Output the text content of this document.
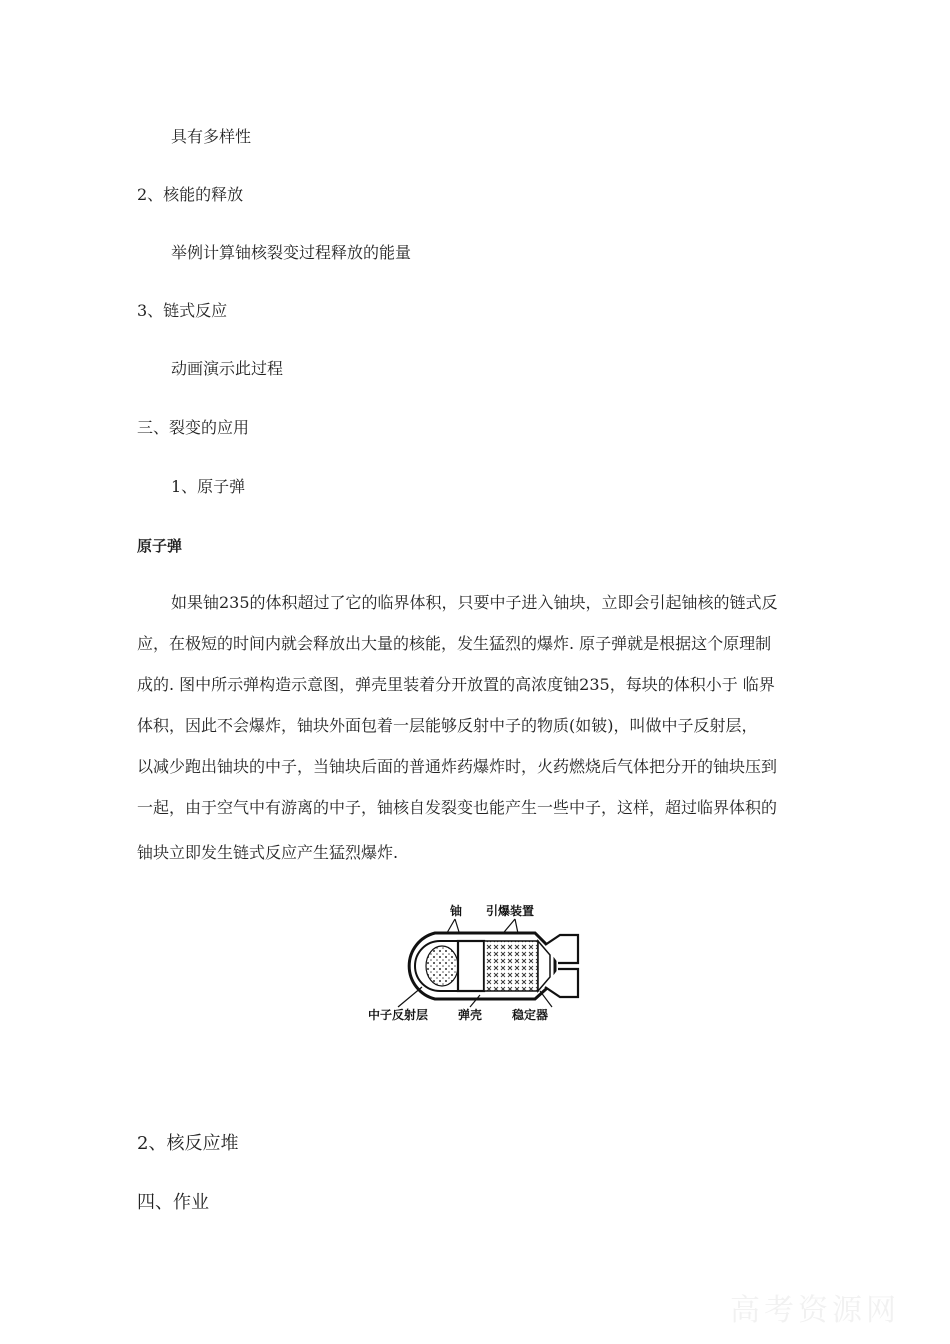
具有多样性
2、核能的释放
举例计算铀核裂变过程释放的能量
3、链式反应
动画演示此过程
三、裂变的应用
1、原子弹
原子弹
如果铀235的体积超过了它的临界体积，只要中子进入铀块，立即会引起铀核的链式反
应，在极短的时间内就会释放出大量的核能，发生猛烈的爆炸. 原子弹就是根据这个原理制
成的. 图中所示弹构造示意图，弹壳里装着分开放置的高浓度铀235，每块的体积小于 临界
体积，因此不会爆炸，铀块外面包着一层能够反射中子的物质(如铍)，叫做中子反射层，
以减少跑出铀块的中子，当铀块后面的普通炸药爆炸时，火药燃烧后气体把分开的铀块压到
一起，由于空气中有游离的中子，铀核自发裂变也能产生一些中子，这样，超过临界体积的
铀块立即发生链式反应产生猛烈爆炸.
铀 引爆装置
中子反射层 弹壳 稳定器
2、核反应堆
四、作业
高考资源网
